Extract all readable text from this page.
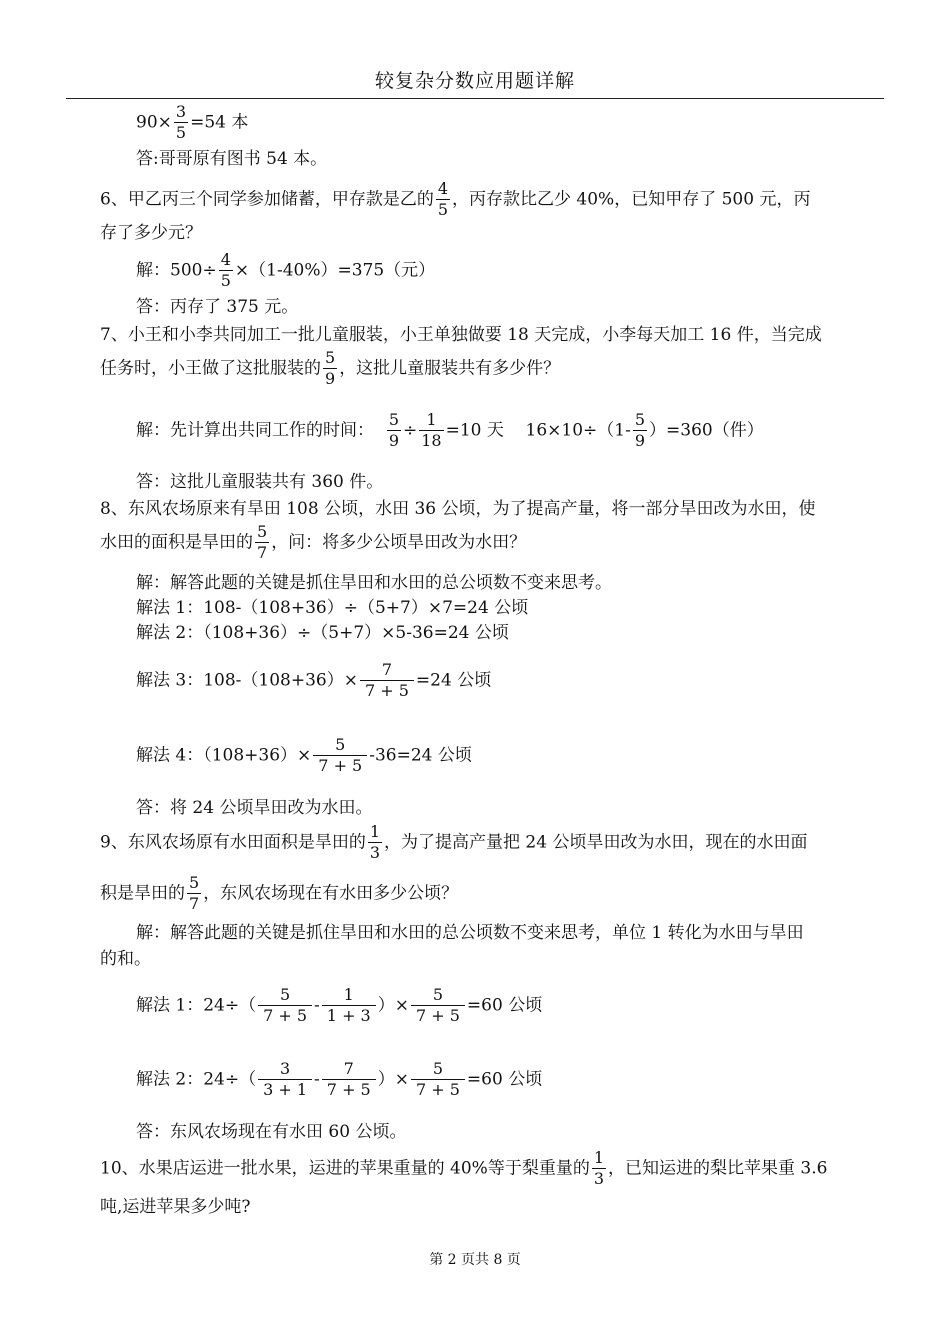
较复杂分数应用题详解
$90\times \frac{3}{5} =54$ 本
答:哥哥原有图书 54 本。
6、甲乙丙三个同学参加储蓄，甲存款是乙的 $\frac{4}{5}$ ，丙存款比乙少 40%，已知甲存了 500 元，丙
存了多少元？
解：$500\div \frac{4}{5} \times(1-40\%)=375$（元）
答：丙存了 375 元。
7、小王和小李共同加工一批儿童服装，小王单独做要 18 天完成，小李每天加工 16 件，当完成
任务时，小王做了这批服装的 $\frac{5}{9}$ ，这批儿童服装共有多少件？
解：先计算出共同工作的时间： $\frac{5}{9} \div \frac{1}{18} =10$ 天    $16\times 10\div(1- \frac{5}{9} )=360$（件）
答：这批儿童服装共有 360 件。
8、东风农场原来有旱田 108 公顷，水田 36 公顷，为了提高产量，将一部分旱田改为水田，使
水田的面积是旱田的 $\frac{5}{7}$ ，问：将多少公顷旱田改为水田？
解：解答此题的关键是抓住旱田和水田的总公顷数不变来思考。
解法 1：108-（108+36）÷（5+7）×7=24 公顷
解法 2：（108+36）÷（5+7）×5-36=24 公顷
解法 3：$108-(108+36)\times \frac{7}{7 + 5} =24$ 公顷
解法 4：$(108+36)\times \frac{5}{7 + 5} -36=24$ 公顷
答：将 24 公顷旱田改为水田。
9、东风农场原有水田面积是旱田的 $\frac{1}{3}$ ，为了提高产量把 24 公顷旱田改为水田，现在的水田面
积是旱田的 $\frac{5}{7}$ ，东风农场现在有水田多少公顷？
解：解答此题的关键是抓住旱田和水田的总公顷数不变来思考，单位 1 转化为水田与旱田
的和。
解法 1：$24\div( \frac{5}{7 + 5} - \frac{1}{1 + 3}$ ）× $\frac{5}{7 + 5} =60$ 公顷
解法 2：$24\div( \frac{3}{3 + 1} - \frac{7}{7 + 5}$ ）× $\frac{5}{7 + 5} =60$ 公顷
答：东风农场现在有水田 60 公顷。
10、水果店运进一批水果，运进的苹果重量的 40%等于梨重量的 $\frac{1}{3}$ ，已知运进的梨比苹果重 3.6
吨,运进苹果多少吨?
第 2 页共 8 页
